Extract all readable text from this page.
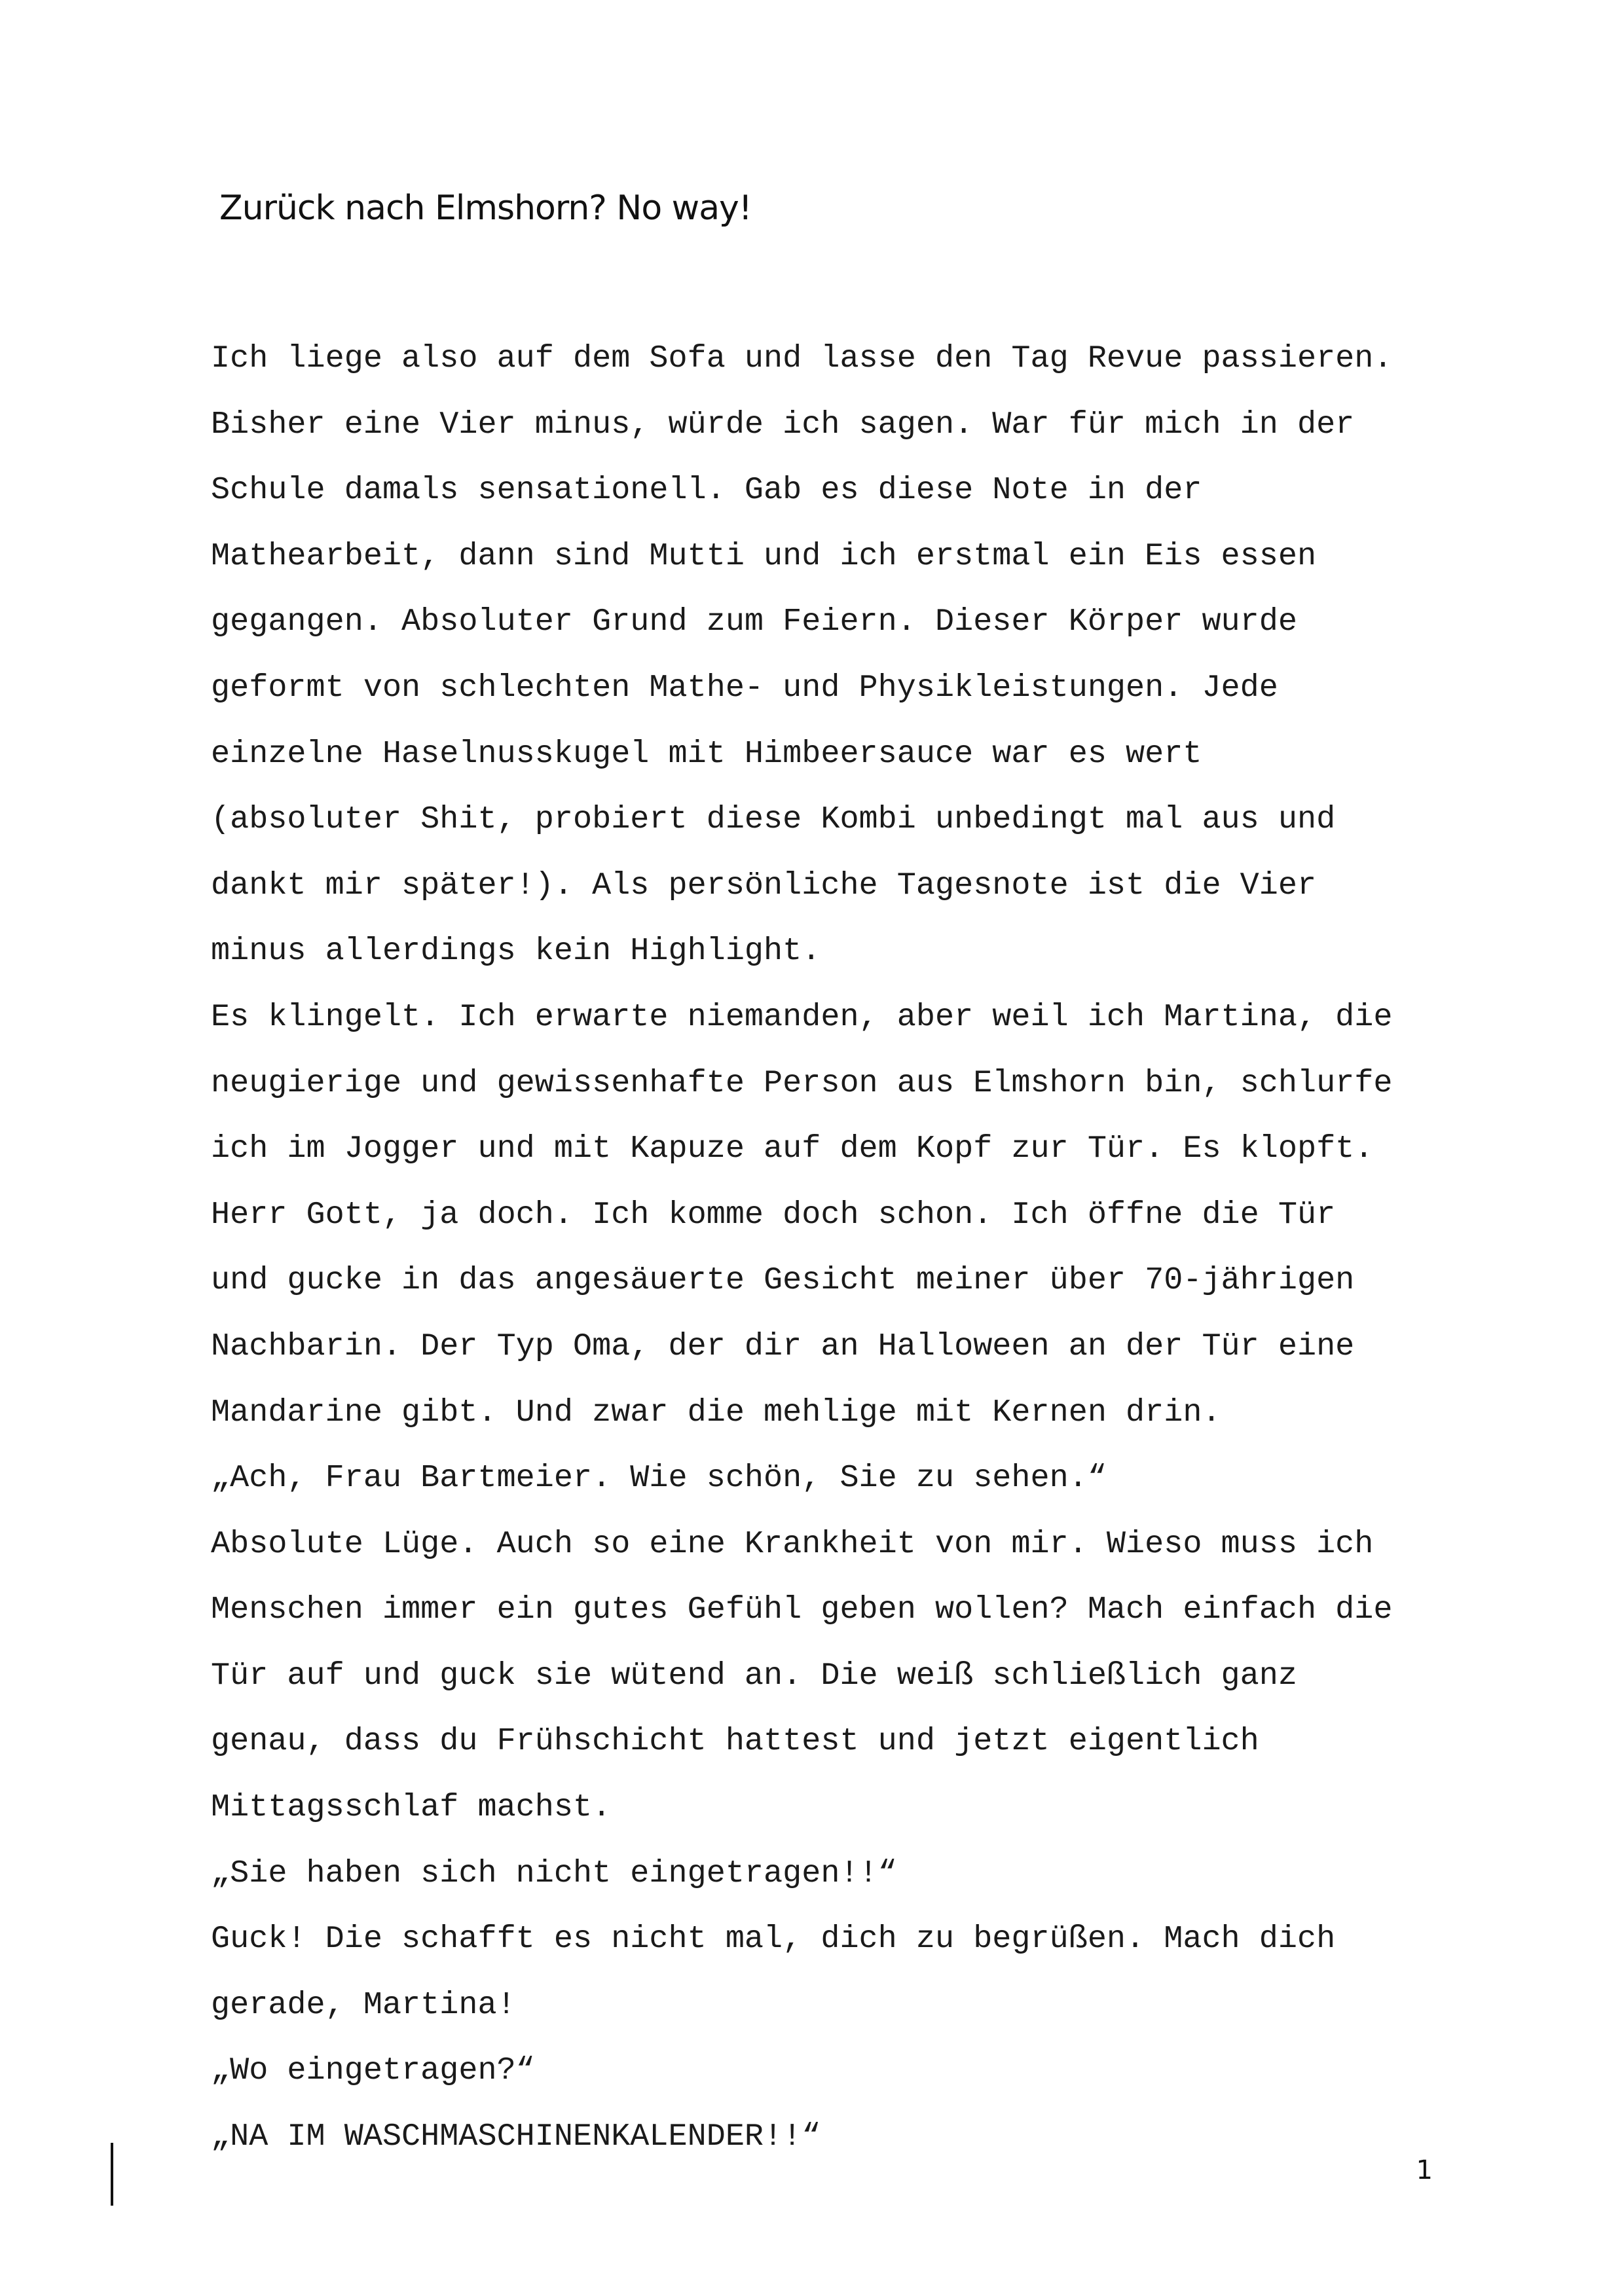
Zurück nach Elmshorn? No way!
Ich liege also auf dem Sofa und lasse den Tag Revue passieren.
Bisher eine Vier minus, würde ich sagen. War für mich in der
Schule damals sensationell. Gab es diese Note in der
Mathearbeit, dann sind Mutti und ich erstmal ein Eis essen
gegangen. Absoluter Grund zum Feiern. Dieser Körper wurde
geformt von schlechten Mathe- und Physikleistungen. Jede
einzelne Haselnusskugel mit Himbeersauce war es wert
(absoluter Shit, probiert diese Kombi unbedingt mal aus und
dankt mir später!). Als persönliche Tagesnote ist die Vier
minus allerdings kein Highlight.
Es klingelt. Ich erwarte niemanden, aber weil ich Martina, die
neugierige und gewissenhafte Person aus Elmshorn bin, schlurfe
ich im Jogger und mit Kapuze auf dem Kopf zur Tür. Es klopft.
Herr Gott, ja doch. Ich komme doch schon. Ich öffne die Tür
und gucke in das angesäuerte Gesicht meiner über 70-jährigen
Nachbarin. Der Typ Oma, der dir an Halloween an der Tür eine
Mandarine gibt. Und zwar die mehlige mit Kernen drin.
„Ach, Frau Bartmeier. Wie schön, Sie zu sehen.“
Absolute Lüge. Auch so eine Krankheit von mir. Wieso muss ich
Menschen immer ein gutes Gefühl geben wollen? Mach einfach die
Tür auf und guck sie wütend an. Die weiß schließlich ganz
genau, dass du Frühschicht hattest und jetzt eigentlich
Mittagsschlaf machst.
„Sie haben sich nicht eingetragen!!“
Guck! Die schafft es nicht mal, dich zu begrüßen. Mach dich
gerade, Martina!
„Wo eingetragen?“
„NA IM WASCHMASCHINENKALENDER!!“
1
